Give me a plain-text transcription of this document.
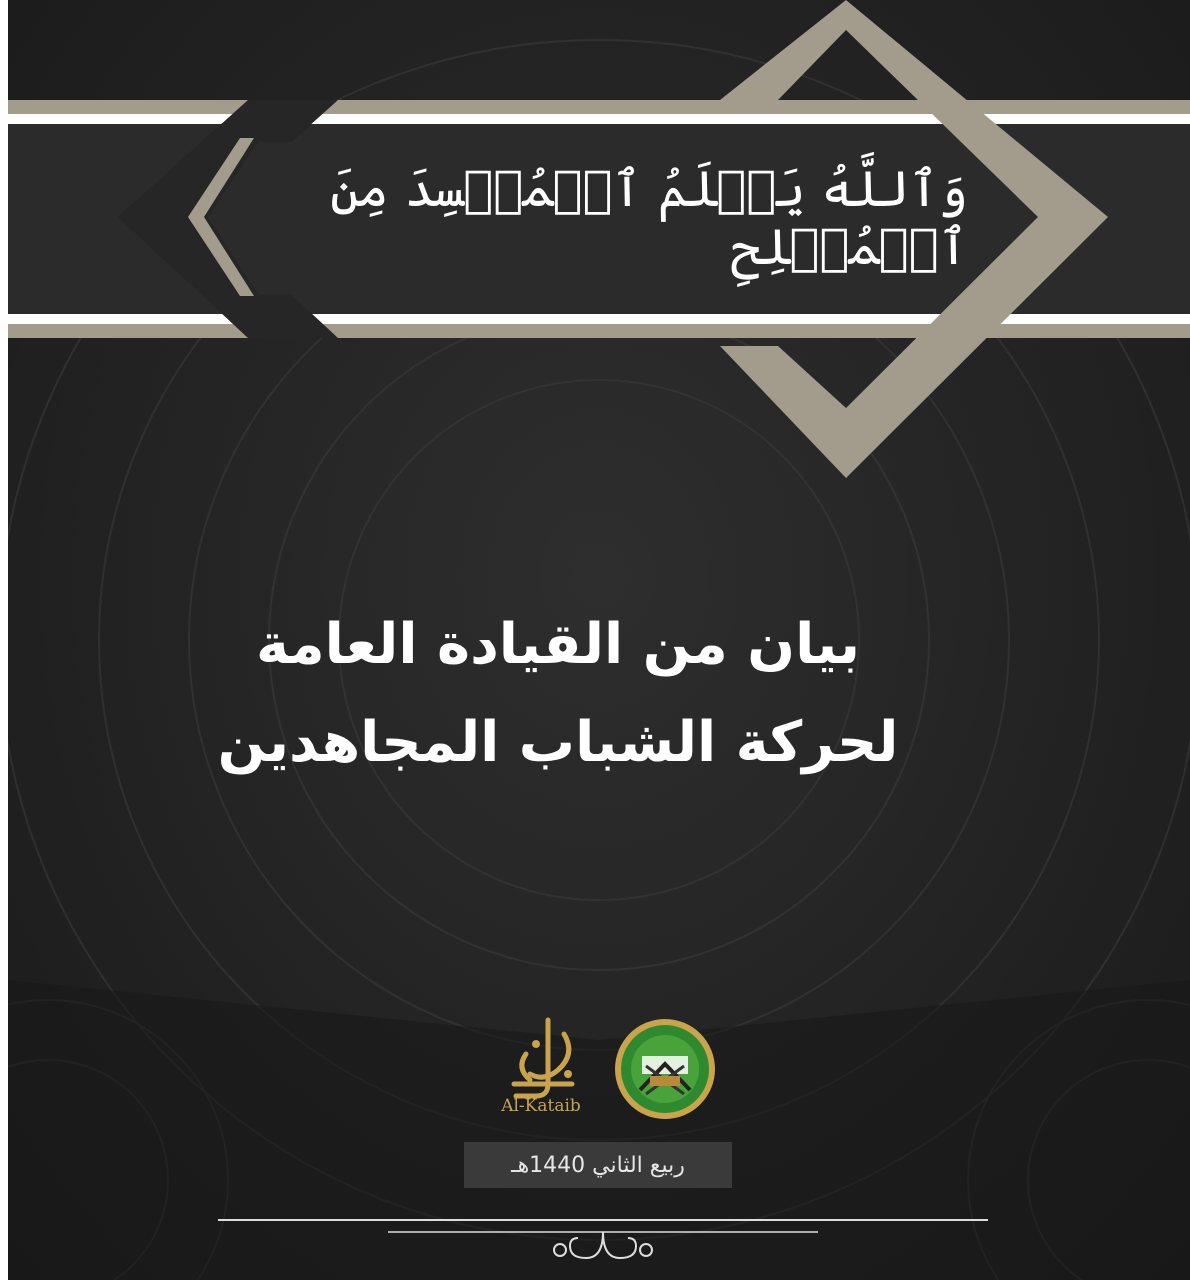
وَٱللَّهُ يَعۡلَمُ ٱلۡمُفۡسِدَ مِنَ ٱلۡمُصۡلِحِ
بيان من القيادة العامة
لحركة الشباب المجاهدين
Al-Kataib
ربيع الثاني 1440هـ
